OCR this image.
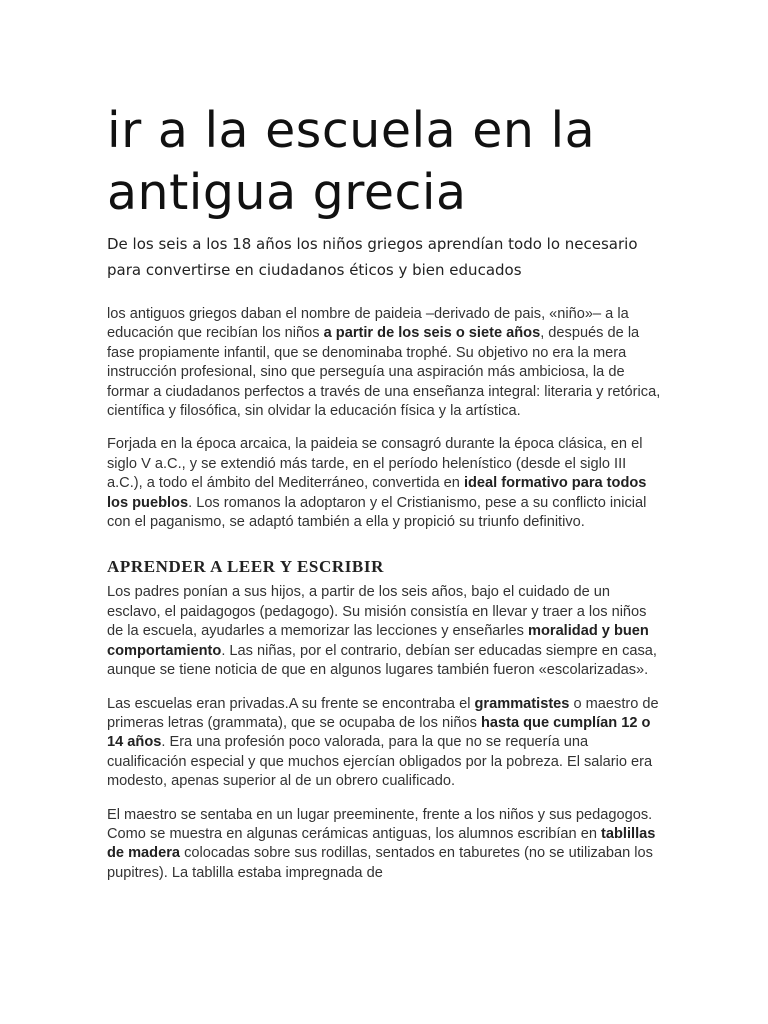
ir a la escuela en la antigua grecia

De los seis a los 18 años los niños griegos aprendían todo lo necesario para convertirse en ciudadanos éticos y bien educados

los antiguos griegos daban el nombre de paideia –derivado de pais, «niño»– a la educación que recibían los niños a partir de los seis o siete años, después de la fase propiamente infantil, que se denominaba trophé. Su objetivo no era la mera instrucción profesional, sino que perseguía una aspiración más ambiciosa, la de formar a ciudadanos perfectos a través de una enseñanza integral: literaria y retórica, científica y filosófica, sin olvidar la educación física y la artística.

Forjada en la época arcaica, la paideia se consagró durante la época clásica, en el siglo V a.C., y se extendió más tarde, en el período helenístico (desde el siglo III a.C.), a todo el ámbito del Mediterráneo, convertida en ideal formativo para todos los pueblos. Los romanos la adoptaron y el Cristianismo, pese a su conflicto inicial con el paganismo, se adaptó también a ella y propició su triunfo definitivo.

APRENDER A LEER Y ESCRIBIR

Los padres ponían a sus hijos, a partir de los seis años, bajo el cuidado de un esclavo, el paidagogos (pedagogo). Su misión consistía en llevar y traer a los niños de la escuela, ayudarles a memorizar las lecciones y enseñarles moralidad y buen comportamiento. Las niñas, por el contrario, debían ser educadas siempre en casa, aunque se tiene noticia de que en algunos lugares también fueron «escolarizadas».

Las escuelas eran privadas.A su frente se encontraba el grammatistes o maestro de primeras letras (grammata), que se ocupaba de los niños hasta que cumplían 12 o 14 años. Era una profesión poco valorada, para la que no se requería una cualificación especial y que muchos ejercían obligados por la pobreza. El salario era modesto, apenas superior al de un obrero cualificado.

El maestro se sentaba en un lugar preeminente, frente a los niños y sus pedagogos. Como se muestra en algunas cerámicas antiguas, los alumnos escribían en tablillas de madera colocadas sobre sus rodillas, sentados en taburetes (no se utilizaban los pupitres). La tablilla estaba impregnada de
